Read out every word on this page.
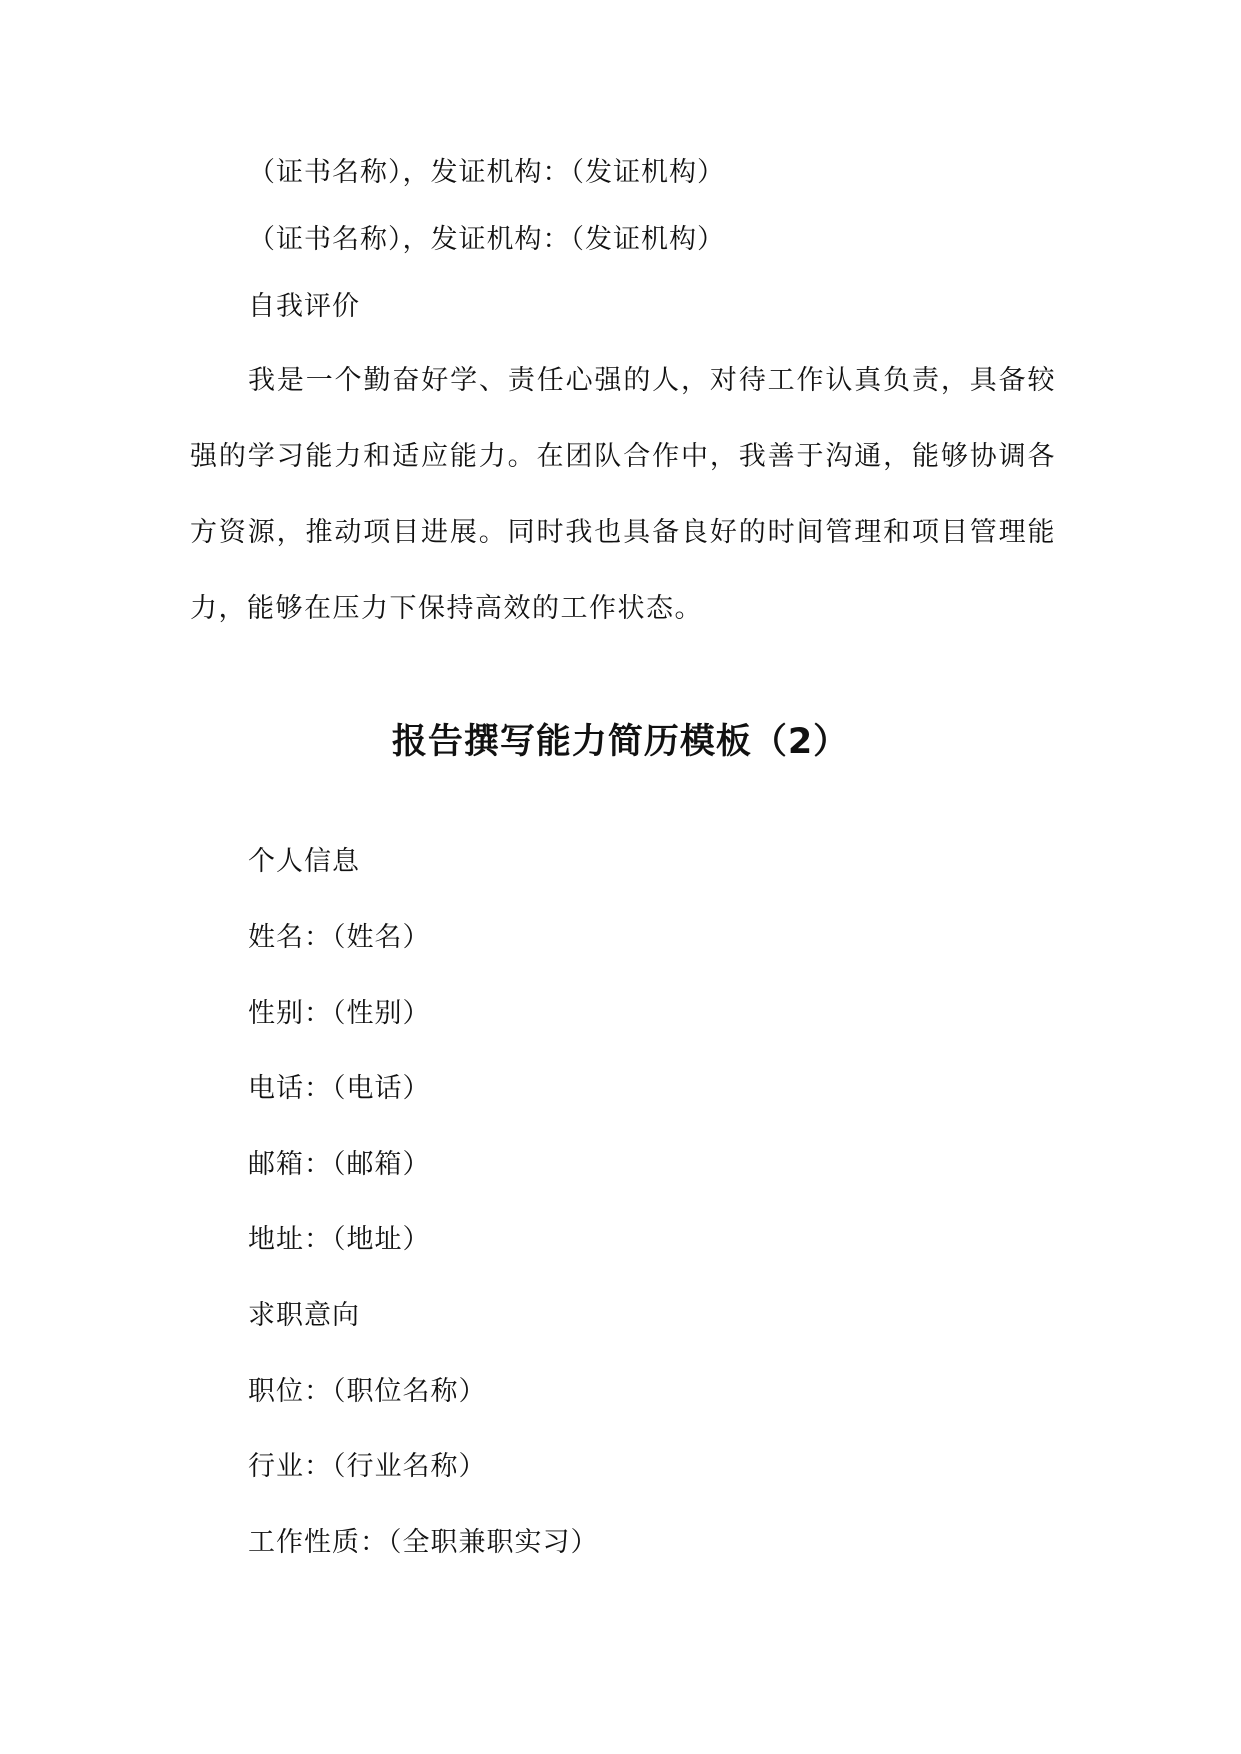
（证书名称），发证机构：（发证机构）
（证书名称），发证机构：（发证机构）
自我评价

我是一个勤奋好学、责任心强的人，对待工作认真负责，具备较强的学习能力和适应能力。在团队合作中，我善于沟通，能够协调各方资源，推动项目进展。同时我也具备良好的时间管理和项目管理能力，能够在压力下保持高效的工作状态。

报告撰写能力简历模板（2）
个人信息
姓名：（姓名）
性别：（性别）
电话：（电话）
邮箱：（邮箱）
地址：（地址）
求职意向
职位：（职位名称）
行业：（行业名称）
工作性质：（全职兼职实习）
